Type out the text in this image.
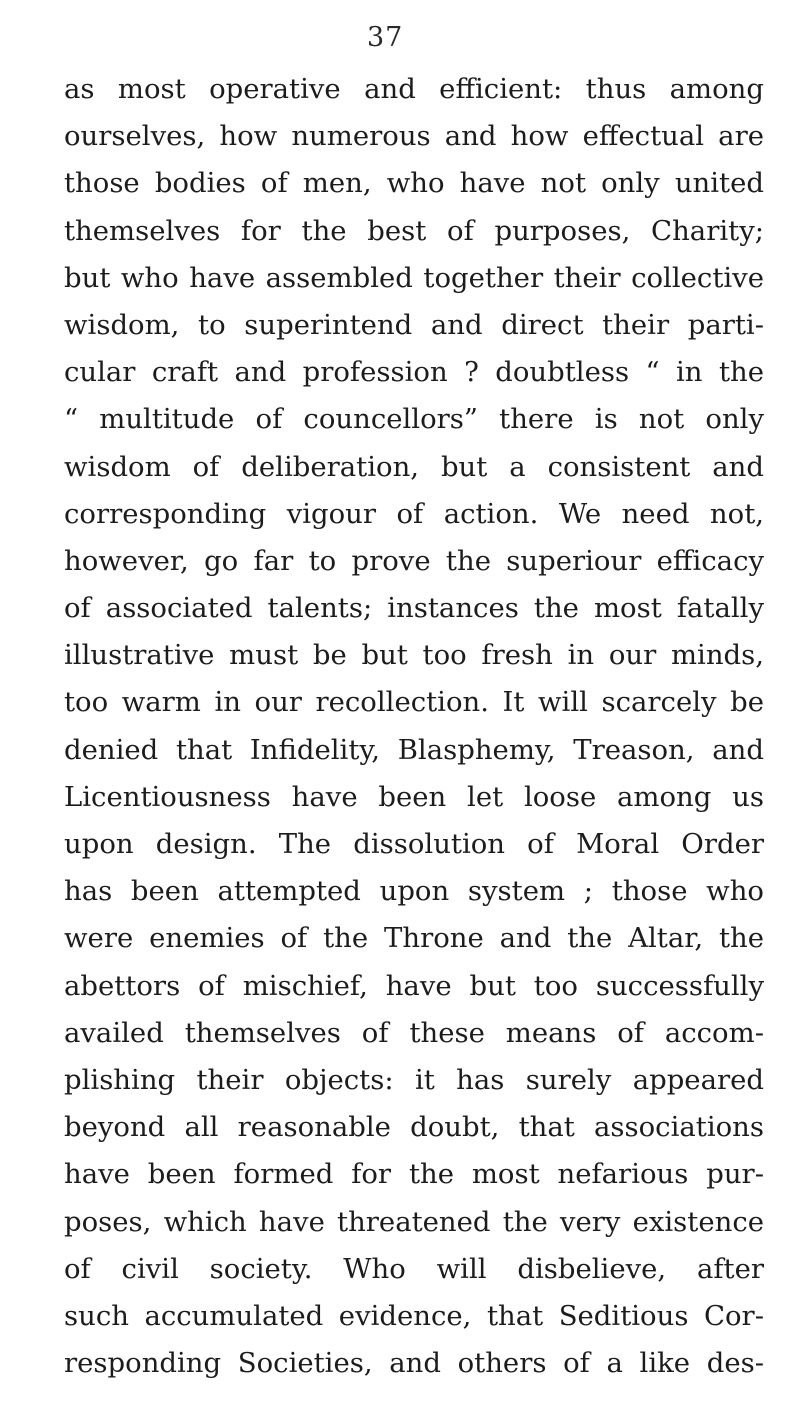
37
as most operative and efficient: thus among
ourselves, how numerous and how effectual are
those bodies of men, who have not only united
themselves for the best of purposes, Charity;
but who have assembled together their collective
wisdom, to superintend and direct their parti-
cular craft and profession ? doubtless “ in the
“ multitude of councellors” there is not only
wisdom of deliberation, but a consistent and
corresponding vigour of action. We need not,
however, go far to prove the superiour efficacy
of associated talents; instances the most fatally
illustrative must be but too fresh in our minds,
too warm in our recollection. It will scarcely be
denied that Infidelity, Blasphemy, Treason, and
Licentiousness have been let loose among us
upon design. The dissolution of Moral Order
has been attempted upon system ; those who
were enemies of the Throne and the Altar, the
abettors of mischief, have but too successfully
availed themselves of these means of accom-
plishing their objects: it has surely appeared
beyond all reasonable doubt, that associations
have been formed for the most nefarious pur-
poses, which have threatened the very existence
of civil society. Who will disbelieve, after
such accumulated evidence, that Seditious Cor-
responding Societies, and others of a like des-
